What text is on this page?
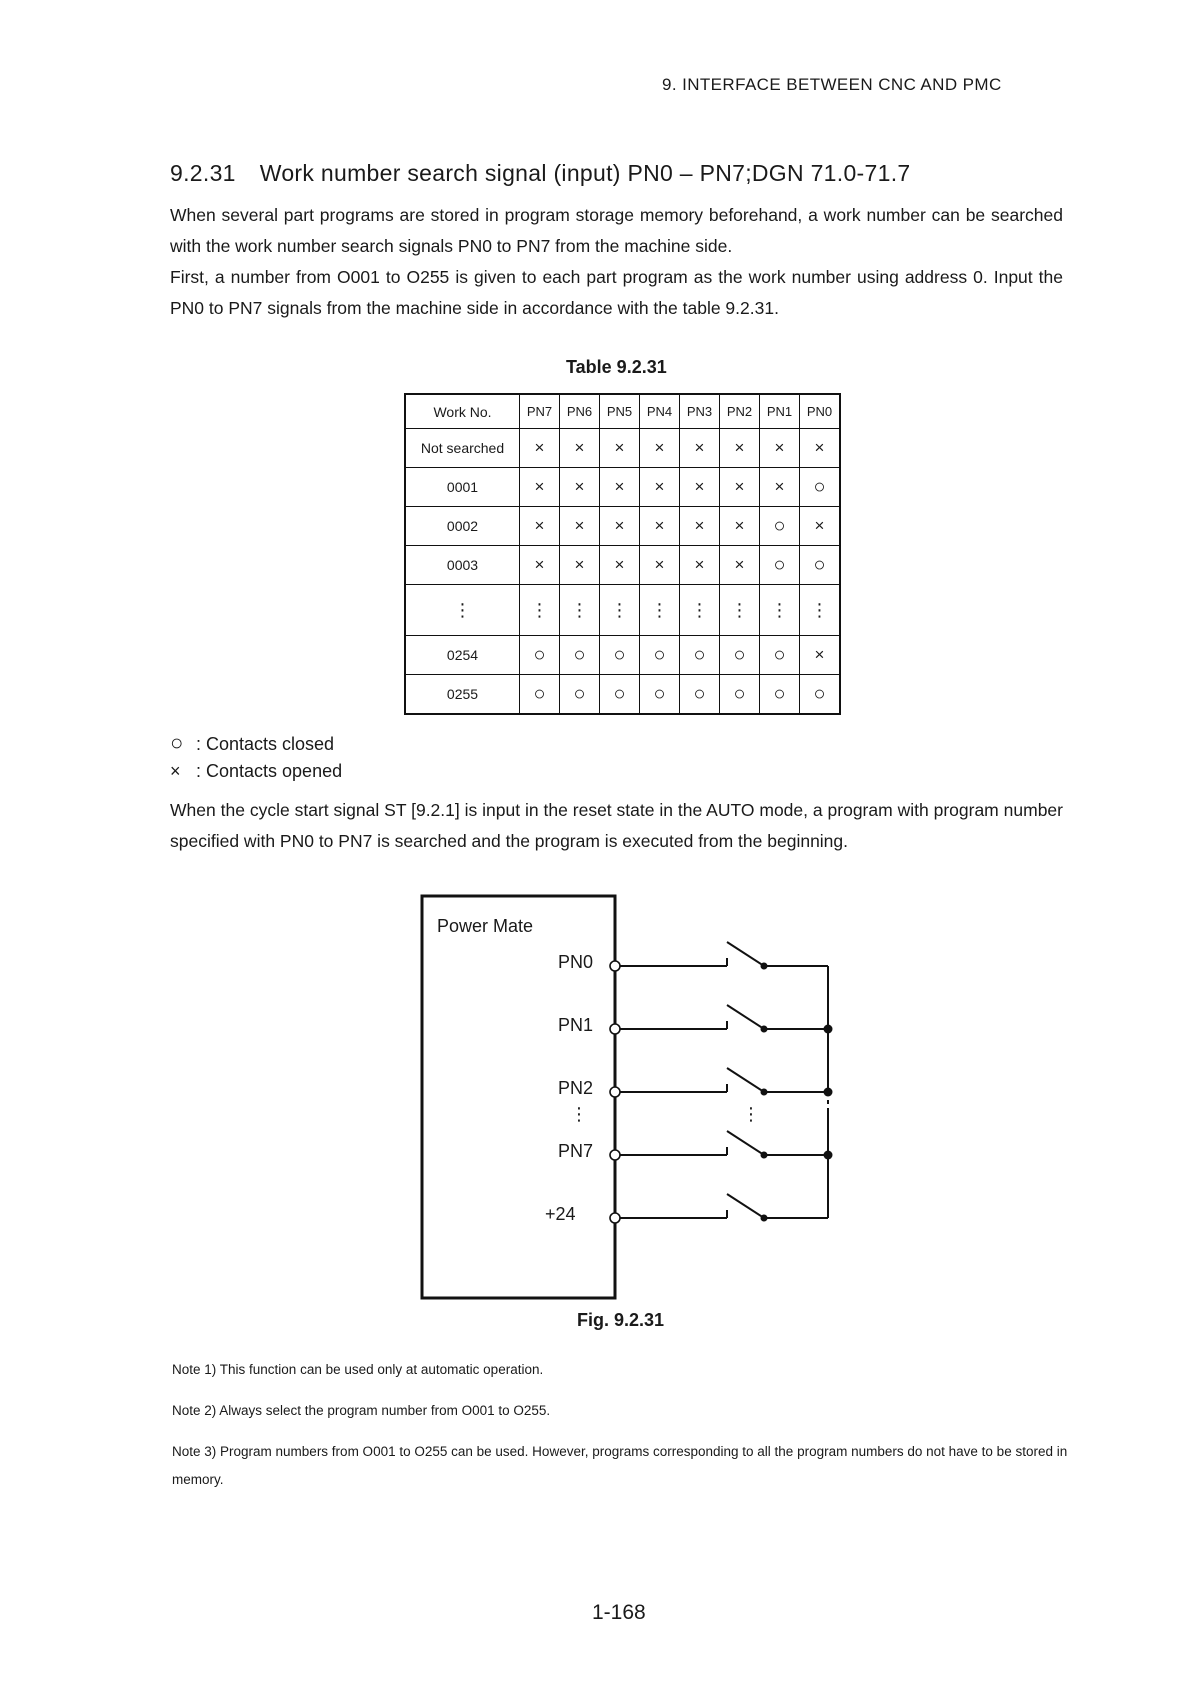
9. INTERFACE BETWEEN CNC AND PMC
9.2.31 Work number search signal (input) PN0 – PN7;DGN 71.0-71.7

When several part programs are stored in program storage memory beforehand, a work number can be searched with the work number search signals PN0 to PN7 from the machine side.

First, a number from O001 to O255 is given to each part program as the work number using address 0. Input the PN0 to PN7 signals from the machine side in accordance with the table 9.2.31.

Table 9.2.31
Work No.	PN7	PN6	PN5	PN4	PN3	PN2	PN1	PN0
Not searched	×	×	×	×	×	×	×	×
0001	×	×	×	×	×	×	×	○
0002	×	×	×	×	×	×	○	×
0003	×	×	×	×	×	×	○	○
⋮	⋮	⋮	⋮	⋮	⋮	⋮	⋮	⋮
0254	○	○	○	○	○	○	○	×
0255	○	○	○	○	○	○	○	○
○ : Contacts closed
× : Contacts opened
When the cycle start signal ST [9.2.1] is input in the reset state in the AUTO mode, a program with program number specified with PN0 to PN7 is searched and the program is executed from the beginning.
Power Mate
PN0
PN1
PN2
⋮
PN7
+24
⋮
Fig. 9.2.31
Note 1) This function can be used only at automatic operation.
Note 2) Always select the program number from O001 to O255.
Note 3) Program numbers from O001 to O255 can be used. However, programs corresponding to all the program numbers do not have to be stored in memory.
1-168
